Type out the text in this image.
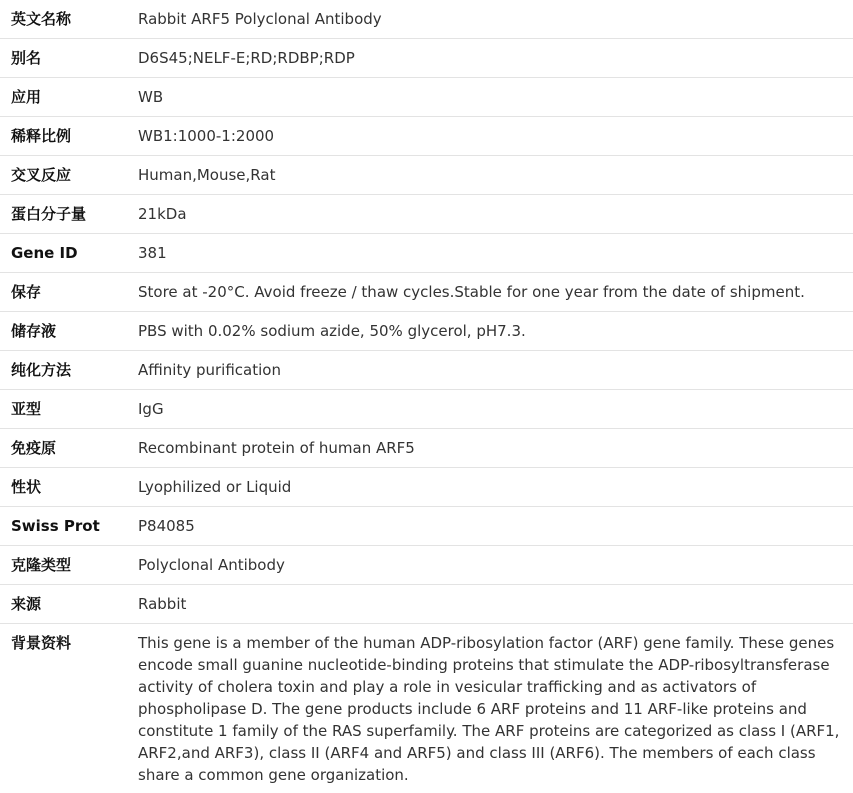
英文名称	Rabbit ARF5 Polyclonal Antibody
别名	D6S45;NELF-E;RD;RDBP;RDP
应用	WB
稀释比例	WB1:1000-1:2000
交叉反应	Human,Mouse,Rat
蛋白分子量	21kDa
Gene ID	381
保存	Store at -20°C. Avoid freeze / thaw cycles.Stable for one year from the date of shipment.
储存液	PBS with 0.02% sodium azide, 50% glycerol, pH7.3.
纯化方法	Affinity purification
亚型	IgG
免疫原	Recombinant protein of human ARF5
性状	Lyophilized or Liquid
Swiss Prot	P84085
克隆类型	Polyclonal Antibody
来源	Rabbit
背景资料	This gene is a member of the human ADP-ribosylation factor (ARF) gene family. These genes encode small guanine nucleotide-binding proteins that stimulate the ADP-ribosyltransferase activity of cholera toxin and play a role in vesicular trafficking and as activators of phospholipase D. The gene products include 6 ARF proteins and 11 ARF-like proteins and constitute 1 family of the RAS superfamily. The ARF proteins are categorized as class I (ARF1, ARF2,and ARF3), class II (ARF4 and ARF5) and class III (ARF6). The members of each class share a common gene organization.
